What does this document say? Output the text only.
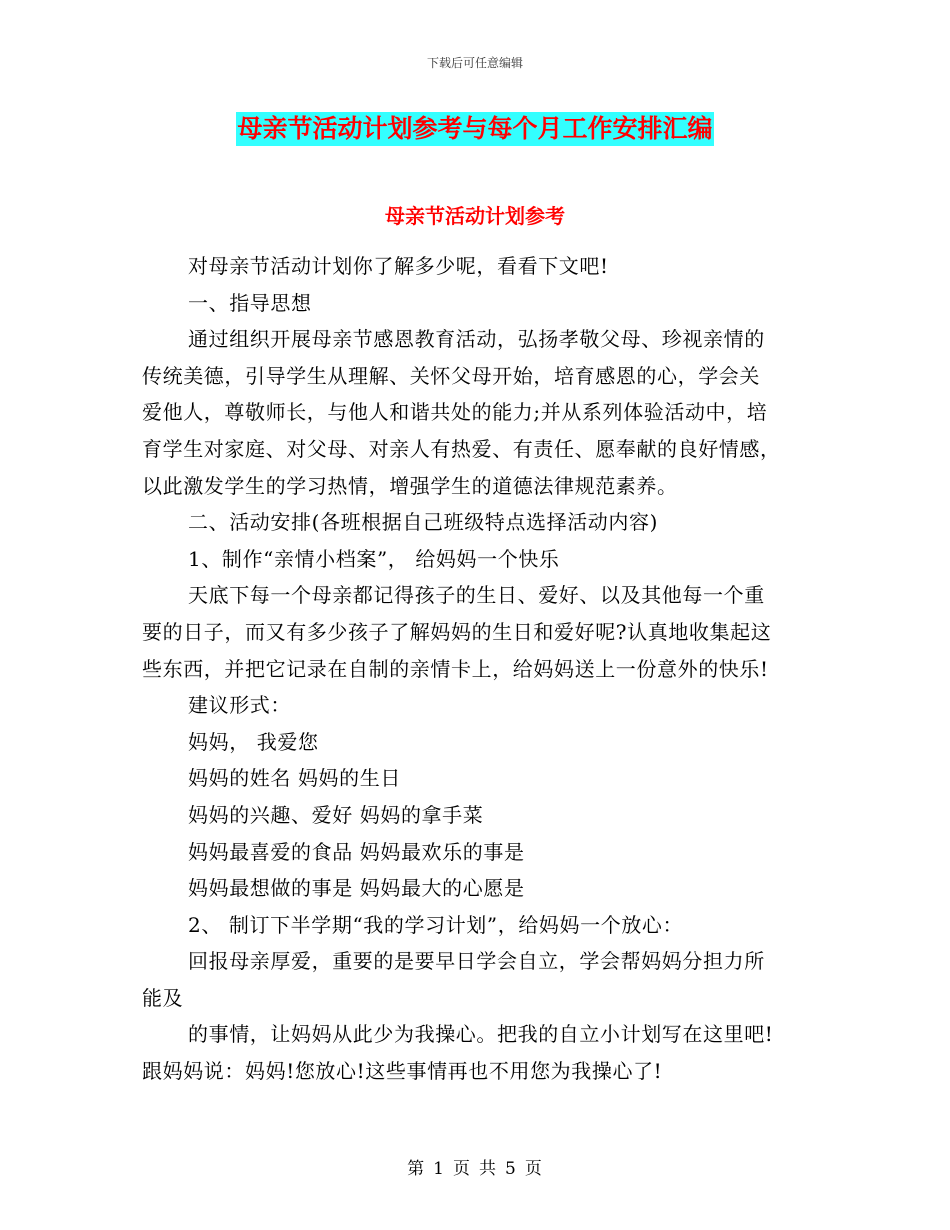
下载后可任意编辑
母亲节活动计划参考与每个月工作安排汇编
母亲节活动计划参考

对母亲节活动计划你了解多少呢，看看下文吧!

一、指导思想

通过组织开展母亲节感恩教育活动，弘扬孝敬父母、珍视亲情的

传统美德，引导学生从理解、关怀父母开始，培育感恩的心，学会关

爱他人，尊敬师长，与他人和谐共处的能力;并从系列体验活动中，培

育学生对家庭、对父母、对亲人有热爱、有责任、愿奉献的良好情感，

以此激发学生的学习热情，增强学生的道德法律规范素养。

二、活动安排(各班根据自己班级特点选择活动内容)

1、制作“亲情小档案”， 给妈妈一个快乐

天底下每一个母亲都记得孩子的生日、爱好、以及其他每一个重

要的日子，而又有多少孩子了解妈妈的生日和爱好呢?认真地收集起这

些东西，并把它记录在自制的亲情卡上，给妈妈送上一份意外的快乐!

建议形式：

妈妈， 我爱您

妈妈的姓名 妈妈的生日

妈妈的兴趣、爱好 妈妈的拿手菜

妈妈最喜爱的食品 妈妈最欢乐的事是

妈妈最想做的事是 妈妈最大的心愿是

2、 制订下半学期“我的学习计划”，给妈妈一个放心：

回报母亲厚爱，重要的是要早日学会自立，学会帮妈妈分担力所

能及

的事情，让妈妈从此少为我操心。把我的自立小计划写在这里吧!

跟妈妈说：妈妈!您放心!这些事情再也不用您为我操心了!

第 1 页 共 5 页
